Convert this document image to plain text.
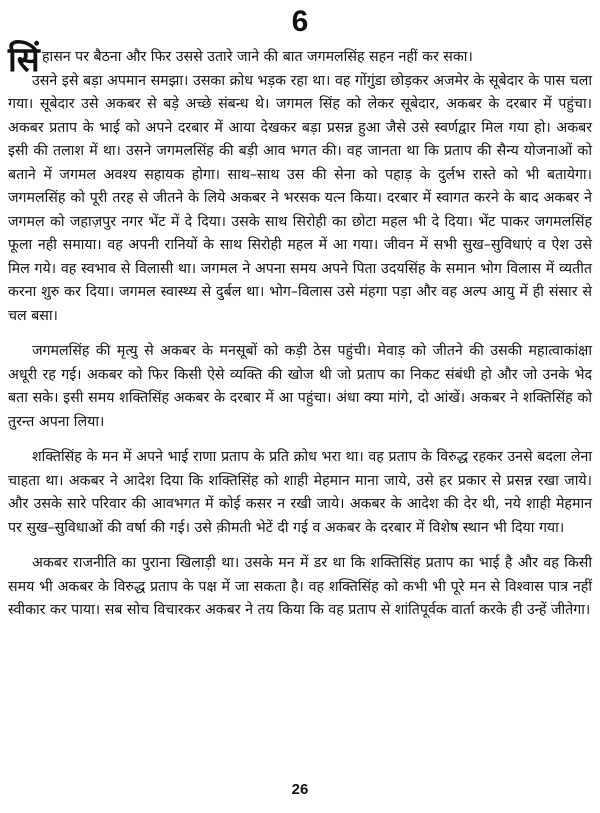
6
सिं हासन पर बैठना और फिर उससे उतारे जाने की बात जगमलसिंह सहन नहीं कर सका।
उसने इसे बड़ा अपमान समझा। उसका क्रोध भड़क रहा था। वह गोंगुंडा छोड़कर अजमेर के सूबेदार के पास चला गया। सूबेदार उसे अकबर से बड़े अच्छे संबन्ध थे। जगमल सिंह को लेकर सूबेदार, अकबर के दरबार में पहुंचा। अकबर प्रताप के भाई को अपने दरबार में आया देखकर बड़ा प्रसन्न हुआ जैसे उसे स्वर्णद्वार मिल गया हो। अकबर इसी की तलाश में था। उसने जगमलसिंह की बड़ी आव भगत की। वह जानता था कि प्रताप की सैन्य योजनाओं को बताने में जगमल अवश्य सहायक होगा। साथ–साथ उस की सेना को पहाड़ के दुर्लभ रास्ते को भी बतायेगा। जगमलसिंह को पूरी तरह से जीतने के लिये अकबर ने भरसक यत्न किया। दरबार में स्वागत करने के बाद अकबर ने जगमल को जहाज़पुर नगर भेंट में दे दिया। उसके साथ सिरोही का छोटा महल भी दे दिया। भेंट पाकर जगमलसिंह फूला नही समाया। वह अपनी रानियों के साथ सिरोही महल में आ गया। जीवन में सभी सुख–सुविधाएं व ऐश उसे मिल गये। वह स्वभाव से विलासी था। जगमल ने अपना समय अपने पिता उदयसिंह के समान भोग विलास में व्यतीत करना शुरु कर दिया। जगमल स्वास्थ्य से दुर्बल था। भोग–विलास उसे मंहगा पड़ा और वह अल्प आयु में ही संसार से चल बसा।

जगमलसिंह की मृत्यु से अकबर के मनसूबों को कड़ी ठेस पहुंची। मेवाड़ को जीतने की उसकी महात्वाकांक्षा अधूरी रह गई। अकबर को फिर किसी ऐसे व्यक्ति की खोज थी जो प्रताप का निकट संबंधी हो और जो उनके भेद बता सके। इसी समय शक्तिसिंह अकबर के दरबार में आ पहुंचा। अंधा क्या मांगे, दो आंखें। अकबर ने शक्तिसिंह को तुरन्त अपना लिया।

शक्तिसिंह के मन में अपने भाई राणा प्रताप के प्रति क्रोध भरा था। वह प्रताप के विरुद्ध रहकर उनसे बदला लेना चाहता था। अकबर ने आदेश दिया कि शक्तिसिंह को शाही मेहमान माना जाये, उसे हर प्रकार से प्रसन्न रखा जाये। और उसके सारे परिवार की आवभगत में कोई कसर न रखी जाये। अकबर के आदेश की देर थी, नये शाही मेहमान पर सुख–सुविधाओं की वर्षा की गई। उसे क़ीमती भेटें दी गई व अकबर के दरबार में विशेष स्थान भी दिया गया।

अकबर राजनीति का पुराना खिलाड़ी था। उसके मन में डर था कि शक्तिसिंह प्रताप का भाई है और वह किसी समय भी अकबर के विरुद्ध प्रताप के पक्ष में जा सकता है। वह शक्तिसिंह को कभी भी पूरे मन से विश्वास पात्र नहीं स्वीकार कर पाया। सब सोच विचारकर अकबर ने तय किया कि वह प्रताप से शांतिपूर्वक वार्ता करके ही उन्हें जीतेगा।

26
